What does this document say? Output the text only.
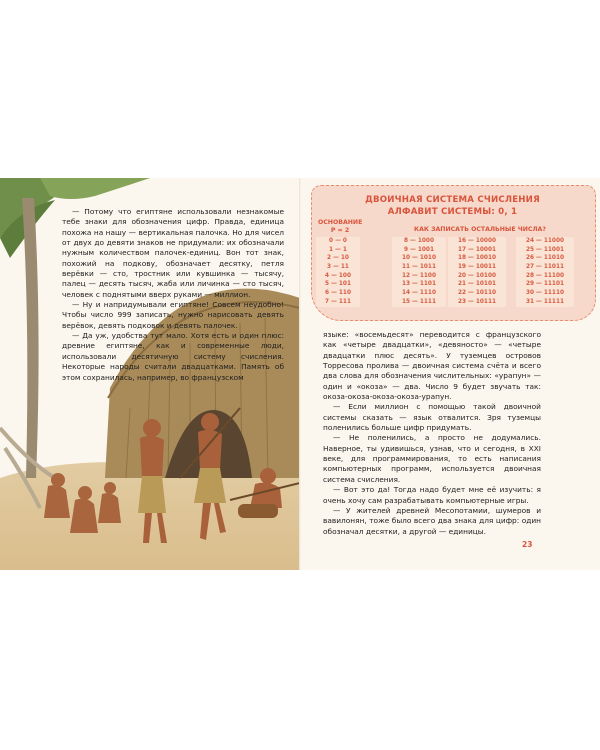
— Потому что египтяне использовали незнакомые тебе знаки для обозначения цифр. Правда, единица похожа на нашу — вертикальная палочка. Но для чисел от двух до девяти знаков не придумали: их обозначали нужным количеством палочек-единиц. Вон тот знак, похожий на подкову, обозначает десятку, петля верёвки — сто, тростник или кувшинка — тысячу, палец — десять тысяч, жаба или личинка — сто тысяч, человек с поднятыми вверх руками — миллион.

— Ну и напридумывали египтяне! Совсем неудобно! Чтобы число 999 записать, нужно нарисовать девять верёвок, девять подковок и девять палочек.

— Да уж, удобства тут мало. Хотя есть и один плюс: древние египтяне, как и современные люди, использовали десятичную систему счисления. Некоторые народы считали двадцатками. Память об этом сохранилась, например, во французском

ДВОИЧНАЯ СИСТЕМА СЧИСЛЕНИЯ
АЛФАВИТ СИСТЕМЫ: 0, 1
ОСНОВАНИЕ
P = 2	КАК ЗАПИСАТЬ ОСТАЛЬНЫЕ ЧИСЛА?
0 — 0
1 — 1
2 — 10
3 — 11
4 — 100
5 — 101
6 — 110
7 — 111
8 — 1000
9 — 1001
10 — 1010
11 — 1011
12 — 1100
13 — 1101
14 — 1110
15 — 1111
16 — 10000
17 — 10001
18 — 10010
19 — 10011
20 — 10100
21 — 10101
22 — 10110
23 — 10111
24 — 11000
25 — 11001
26 — 11010
27 — 11011
28 — 11100
29 — 11101
30 — 11110
31 — 11111

языке: «восемьдесят» переводится с французского как «четыре двадцатки», «девяносто» — «четыре двадцатки плюс десять». У туземцев островов Торресова пролива — двоичная система счёта и всего два слова для обозначения числительных: «урапун» — один и «окоза» — два. Число 9 будет звучать так: окоза-окоза-окоза-окоза-урапун.

— Если миллион с помощью такой двоичной системы сказать — язык отвалится. Зря туземцы поленились больше цифр придумать.

— Не поленились, а просто не додумались. Наверное, ты удивишься, узнав, что и сегодня, в XXI веке, для программирования, то есть написания компьютерных программ, используется двоичная система счисления.

— Вот это да! Тогда надо будет мне её изучить: я очень хочу сам разрабатывать компьютерные игры.

— У жителей древней Месопотамии, шумеров и вавилонян, тоже было всего два знака для цифр: один обозначал десятки, а другой — единицы.

23
